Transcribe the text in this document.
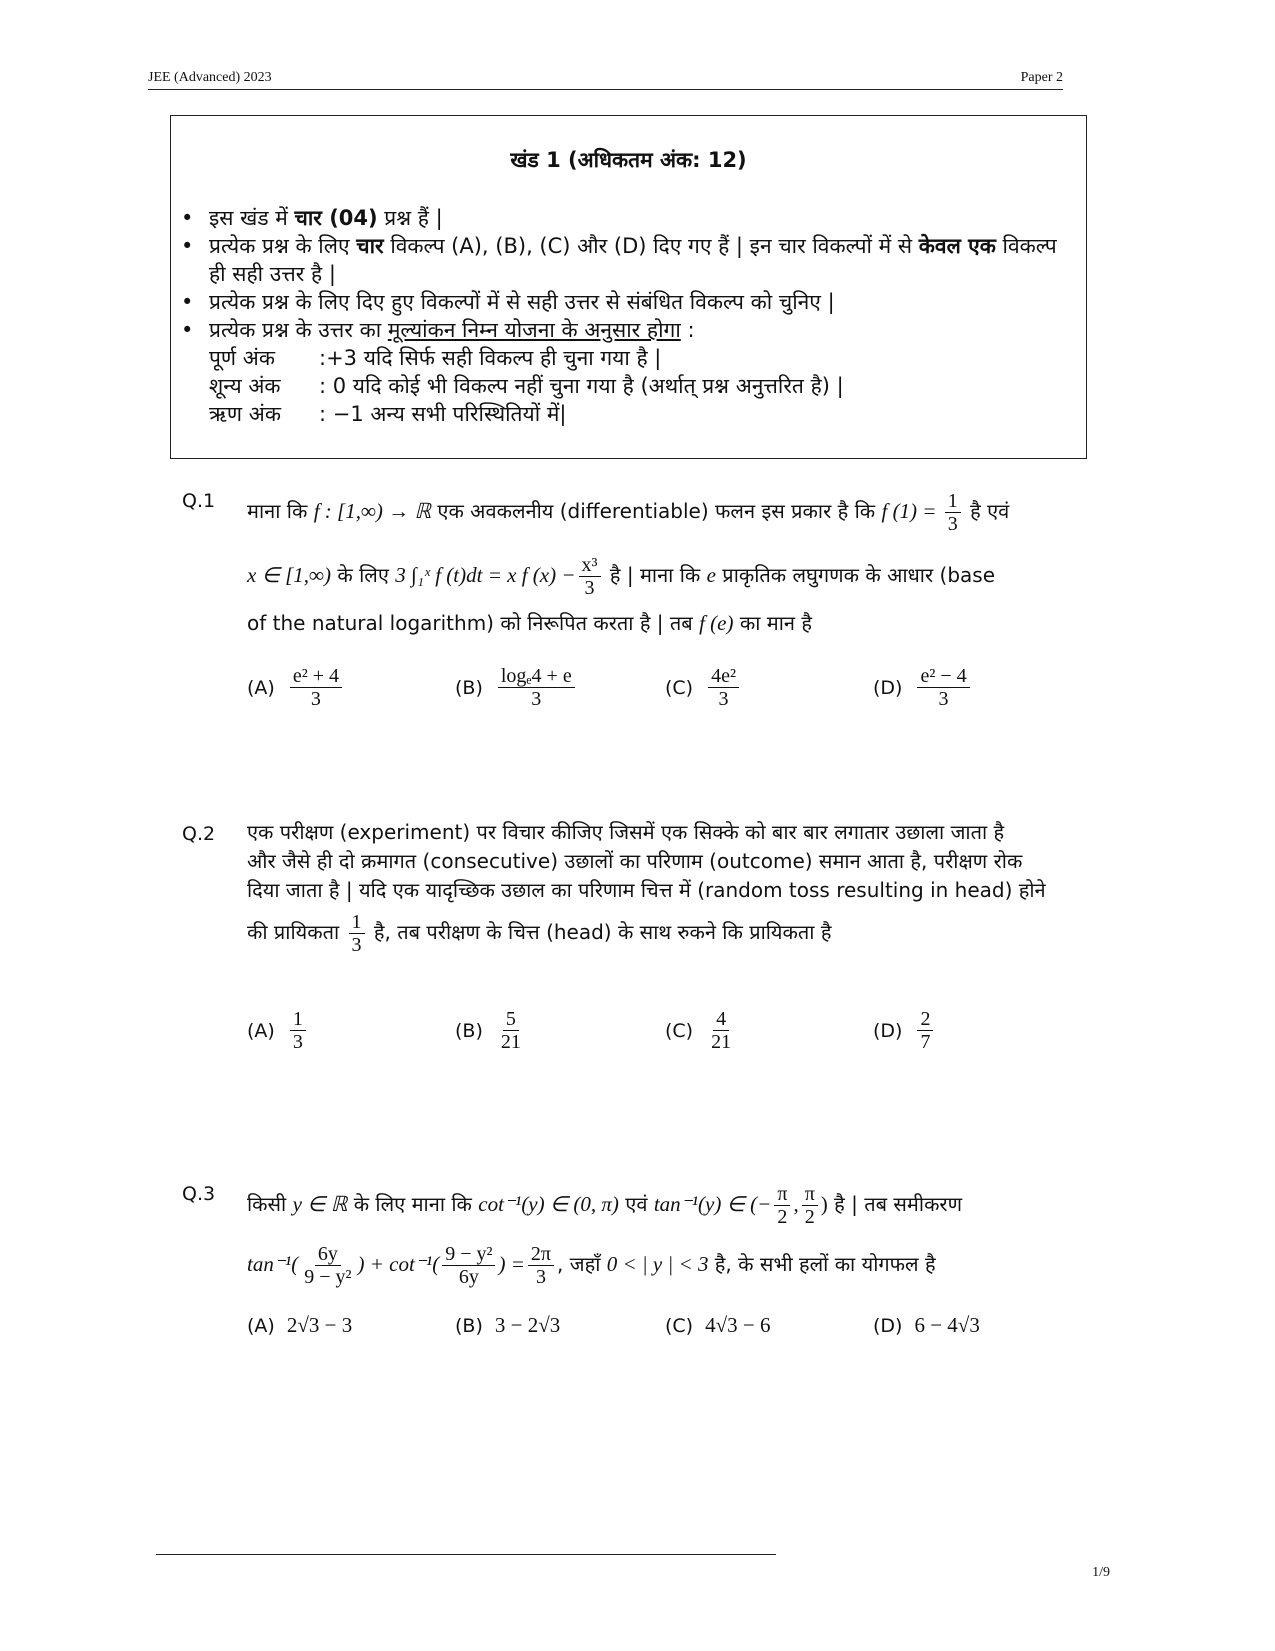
JEE (Advanced) 2023	Paper 2
खंड 1 (अधिकतम अंक: 12)
• इस खंड में चार (04) प्रश्न हैं |
• प्रत्येक प्रश्न के लिए चार विकल्प (A), (B), (C) और (D) दिए गए हैं | इन चार विकल्पों में से केवल एक विकल्प ही सही उत्तर है |
• प्रत्येक प्रश्न के लिए दिए हुए विकल्पों में से सही उत्तर से संबंधित विकल्प को चुनिए |
• प्रत्येक प्रश्न के उत्तर का मूल्यांकन निम्न योजना के अनुसार होगा :
पूर्ण अंक	:+3 यदि सिर्फ सही विकल्प ही चुना गया है |
शून्य अंक	: 0 यदि कोई भी विकल्प नहीं चुना गया है (अर्थात् प्रश्न अनुत्तरित है) |
ऋण अंक	: −1 अन्य सभी परिस्थितियों में|
Q.1 माना कि f : [1,∞) → ℝ एक अवकलनीय (differentiable) फलन इस प्रकार है कि f $(1) = \frac{1}{3}$ है एवं
x ∈ [1,∞) के लिए 3 ∫₁ˣ f (t)dt = x f $(x) - \frac{\text{x³}}{3}$ है | माना कि e प्राकृतिक लघुगणक के आधार (base
of the natural logarithm) को निरूपित करता है | तब f (e) का मान है
$(A) \frac{\text{e² + 4}}{3}$	$(B) \frac{\text{logₑ4 + e}}{3}$	$(C) \frac{\text{4e²}}{3}$	$(D) \frac{\text{e² − 4}}{3}$
Q.2 एक परीक्षण (experiment) पर विचार कीजिए जिसमें एक सिक्के को बार बार लगातार उछाला जाता है
और जैसे ही दो क्रमागत (consecutive) उछालों का परिणाम (outcome) समान आता है, परीक्षण रोक
दिया जाता है | यदि एक यादृच्छिक उछाल का परिणाम चित्त में (random toss resulting in head) होने
की प्रायिकता $\frac{1}{3}$ है, तब परीक्षण के चित्त (head) के साथ रुकने कि प्रायिकता है
$(A) \frac{1}{3}$	$(B) \frac{5}{21}$	$(C) \frac{4}{21}$	$(D) \frac{2}{7}$
Q.3 किसी y ∈ ℝ के लिए माना कि cot⁻¹(y) ∈ (0, π) एवं tan⁻¹(y) ∈ (− $\frac{\pi}{2}$ , $\frac{\pi}{2}$ ) है | तब समीकरण
$\tan^{-1}( \frac{6y}{\text{9 − y²}}$ ) + $\cot^{-1}( \frac{\text{9 − y²}}{6y}$ ) = $\frac{2\pi}{3}$ , जहाँ 0 < | y | < 3 है, के सभी हलों का योगफल है
(A) 2√3 − 3	(B) 3 − 2√3	(C) 4√3 − 6	(D) 6 − 4√3
1/9
